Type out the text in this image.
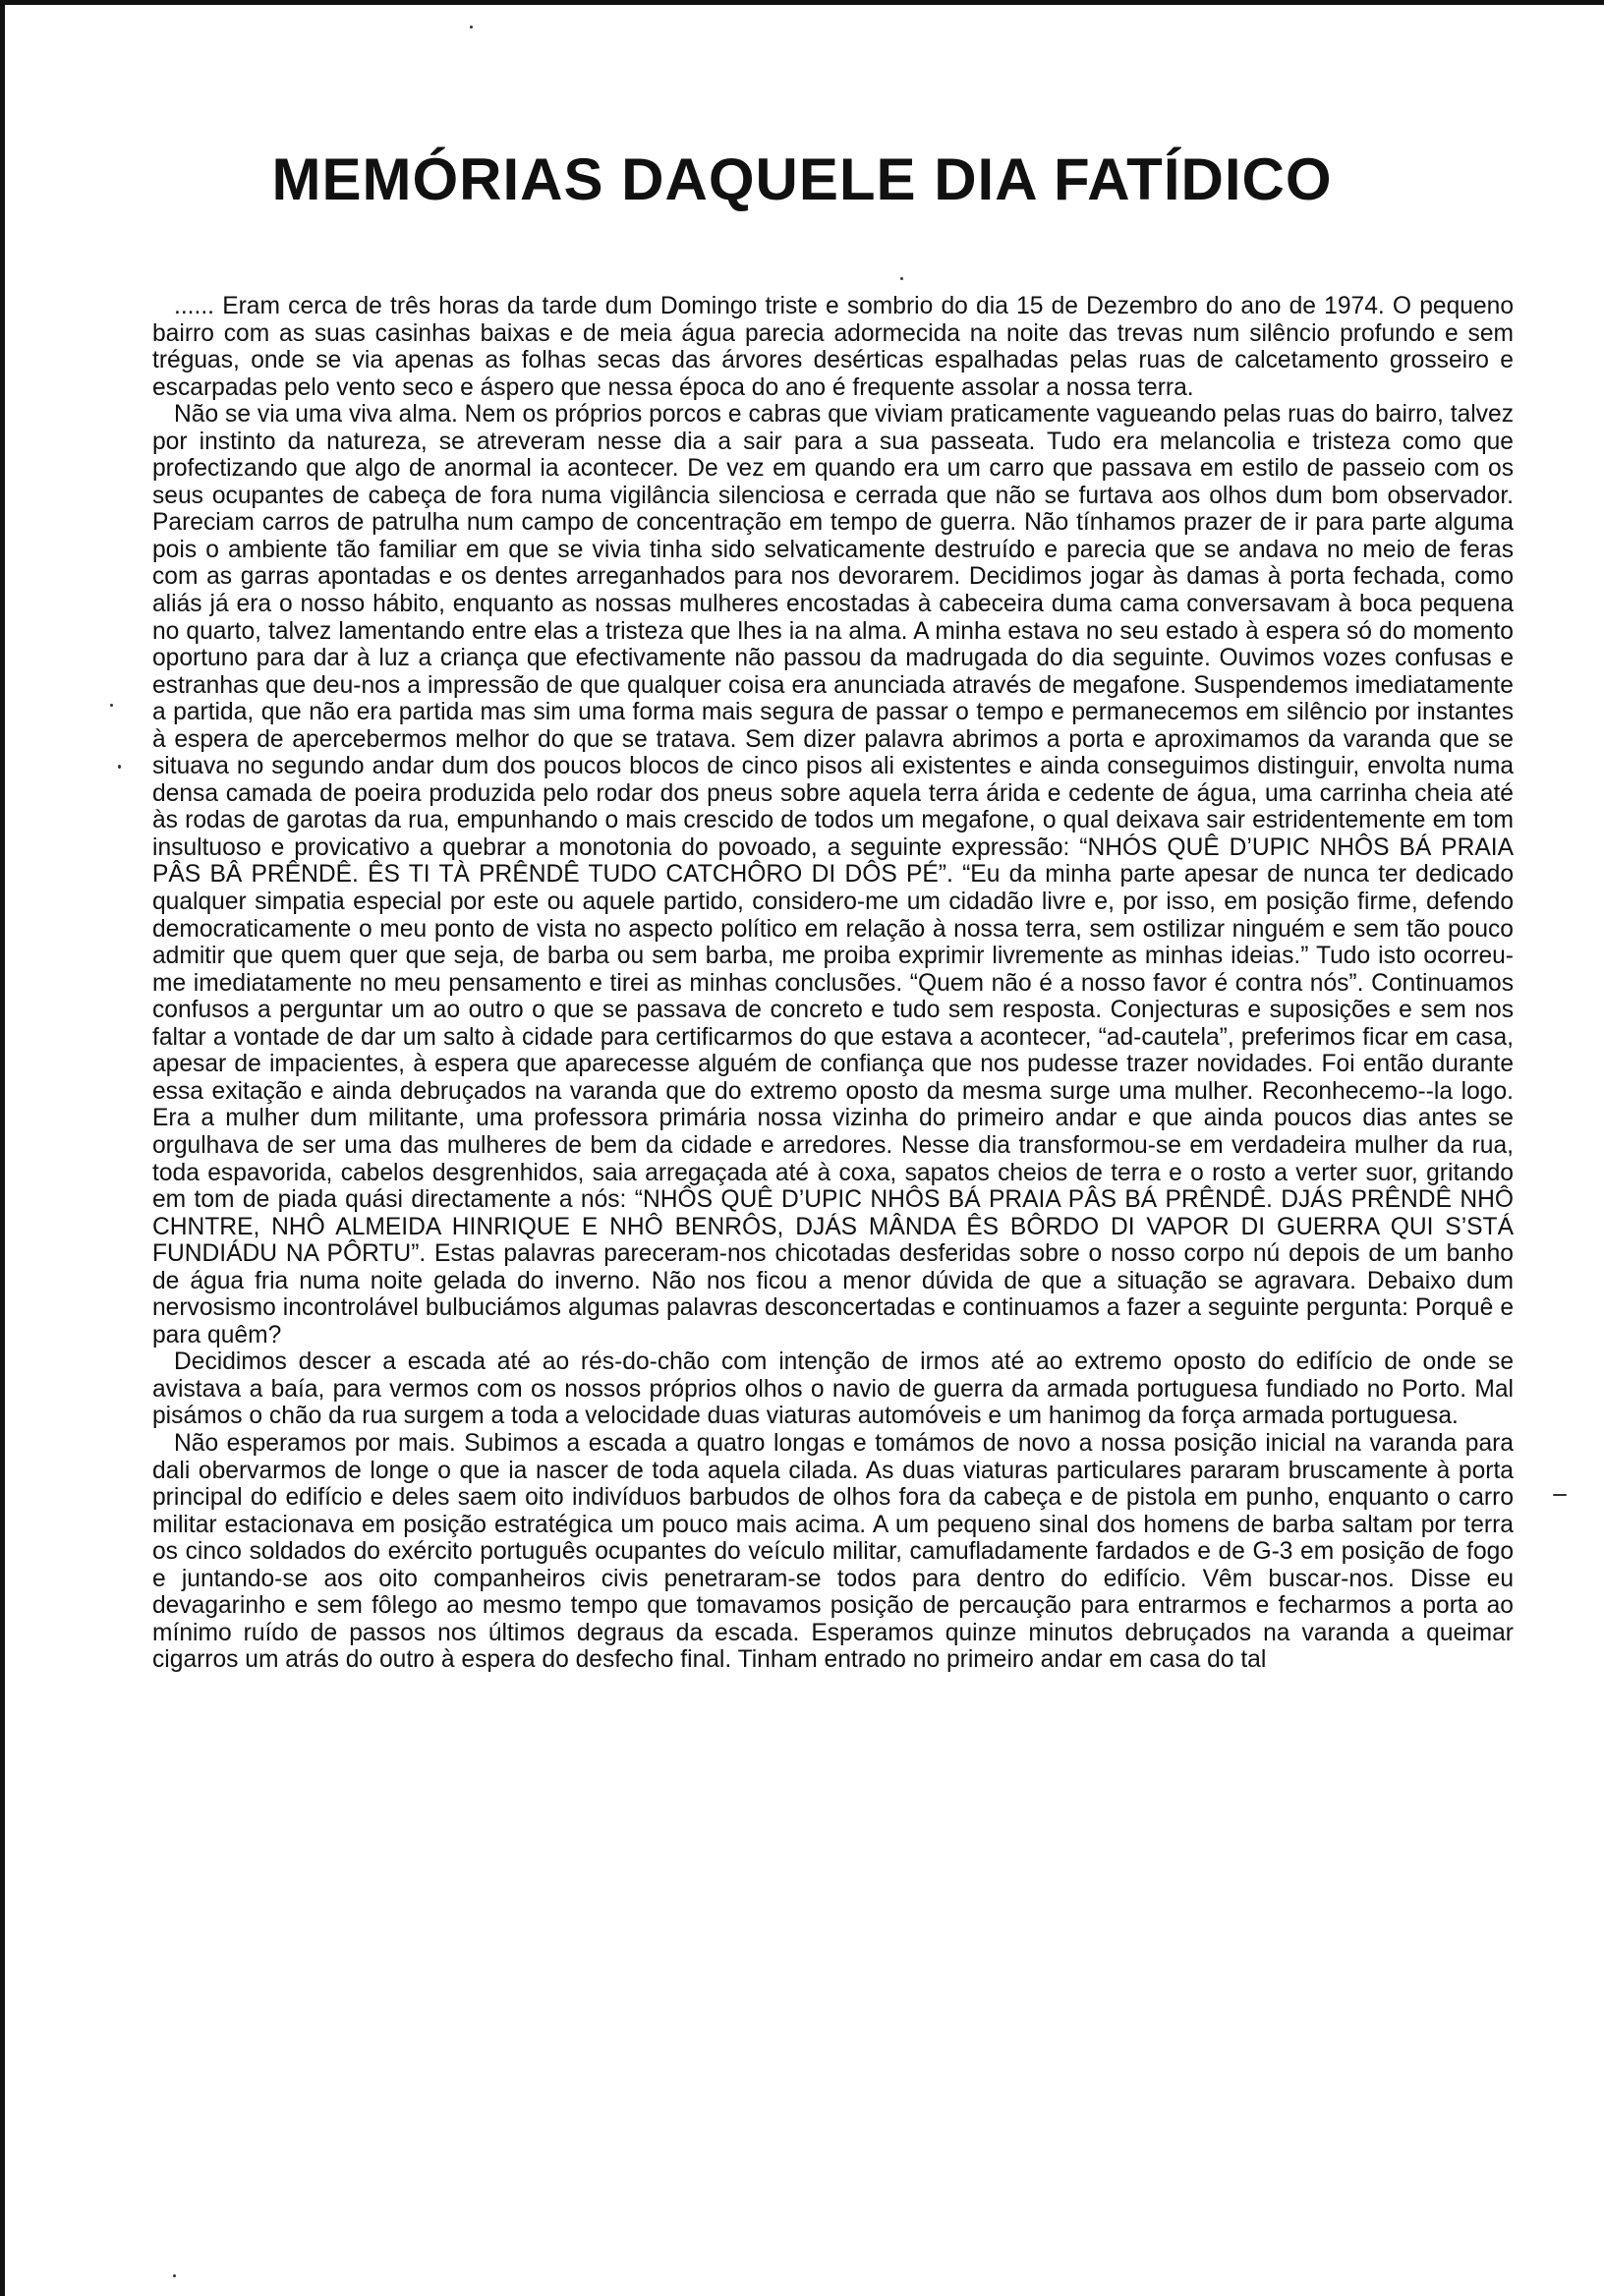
MEMÓRIAS DAQUELE DIA FATÍDICO

...... Eram cerca de três horas da tarde dum Domingo triste e sombrio do dia 15 de Dezembro do ano de 1974. O pequeno bairro com as suas casinhas baixas e de meia água parecia adormecida na noite das trevas num silêncio profundo e sem tréguas, onde se via apenas as folhas secas das árvores desérticas espalhadas pelas ruas de calcetamento grosseiro e escarpadas pelo vento seco e áspero que nessa época do ano é frequente assolar a nossa terra.

Não se via uma viva alma. Nem os próprios porcos e cabras que viviam praticamente vagueando pelas ruas do bairro, talvez por instinto da natureza, se atreveram nesse dia a sair para a sua passeata. Tudo era melancolia e tristeza como que profectizando que algo de anormal ia acontecer. De vez em quando era um carro que passava em estilo de passeio com os seus ocupantes de cabeça de fora numa vigilância silenciosa e cerrada que não se furtava aos olhos dum bom observador. Pareciam carros de patrulha num campo de concentração em tempo de guerra. Não tínhamos prazer de ir para parte alguma pois o ambiente tão familiar em que se vivia tinha sido selvaticamente destruído e parecia que se andava no meio de feras com as garras apontadas e os dentes arreganhados para nos devorarem. Decidimos jogar às damas à porta fechada, como aliás já era o nosso hábito, enquanto as nossas mulheres encostadas à cabeceira duma cama conversavam à boca pequena no quarto, talvez lamentando entre elas a tristeza que lhes ia na alma. A minha estava no seu estado à espera só do momento oportuno para dar à luz a criança que efectivamente não passou da madrugada do dia seguinte. Ouvimos vozes confusas e estranhas que deu-nos a impressão de que qualquer coisa era anunciada através de megafone. Suspendemos imediatamente a partida, que não era partida mas sim uma forma mais segura de passar o tempo e permanecemos em silêncio por instantes à espera de apercebermos melhor do que se tratava. Sem dizer palavra abrimos a porta e aproximamos da varanda que se situava no segundo andar dum dos poucos blocos de cinco pisos ali existentes e ainda conseguimos distinguir, envolta numa densa camada de poeira produzida pelo rodar dos pneus sobre aquela terra árida e cedente de água, uma carrinha cheia até às rodas de garotas da rua, empunhando o mais crescido de todos um megafone, o qual deixava sair estridentemente em tom insultuoso e provicativo a quebrar a monotonia do povoado, a seguinte expressão: “NHÓS QUÊ D’UPIC NHÔS BÁ PRAIA PÂS BÂ PRÊNDÊ. ÊS TI TÀ PRÊNDÊ TUDO CATCHÔRO DI DÔS PÉ”. “Eu da minha parte apesar de nunca ter dedicado qualquer simpatia especial por este ou aquele partido, considero-me um cidadão livre e, por isso, em posição firme, defendo democraticamente o meu ponto de vista no aspecto político em relação à nossa terra, sem ostilizar ninguém e sem tão pouco admitir que quem quer que seja, de barba ou sem barba, me proiba exprimir livremente as minhas ideias.” Tudo isto ocorreu-me imediatamente no meu pensamento e tirei as minhas conclusões. “Quem não é a nosso favor é contra nós”. Continuamos confusos a perguntar um ao outro o que se passava de concreto e tudo sem resposta. Conjecturas e suposições e sem nos faltar a vontade de dar um salto à cidade para certificarmos do que estava a acontecer, “ad-cautela”, preferimos ficar em casa, apesar de impacientes, à espera que aparecesse alguém de confiança que nos pudesse trazer novidades. Foi então durante essa exitação e ainda debruçados na varanda que do extremo oposto da mesma surge uma mulher. Reconhecemo--la logo. Era a mulher dum militante, uma professora primária nossa vizinha do primeiro andar e que ainda poucos dias antes se orgulhava de ser uma das mulheres de bem da cidade e arredores. Nesse dia transformou-se em verdadeira mulher da rua, toda espavorida, cabelos desgrenhidos, saia arregaçada até à coxa, sapatos cheios de terra e o rosto a verter suor, gritando em tom de piada quási directamente a nós: “NHÔS QUÊ D’UPIC NHÔS BÁ PRAIA PÂS BÁ PRÊNDÊ. DJÁS PRÊNDÊ NHÔ CHNTRE, NHÔ ALMEIDA HINRIQUE E NHÔ BENRÔS, DJÁS MÂNDA ÊS BÔRDO DI VAPOR DI GUERRA QUI S’STÁ FUNDIÁDU NA PÔRTU”. Estas palavras pareceram-nos chicotadas desferidas sobre o nosso corpo nú depois de um banho de água fria numa noite gelada do inverno. Não nos ficou a menor dúvida de que a situação se agravara. Debaixo dum nervosismo incontrolável bulbuciámos algumas palavras desconcertadas e continuamos a fazer a seguinte pergunta: Porquê e para quêm?

Decidimos descer a escada até ao rés-do-chão com intenção de irmos até ao extremo oposto do edifício de onde se avistava a baía, para vermos com os nossos próprios olhos o navio de guerra da armada portuguesa fundiado no Porto. Mal pisámos o chão da rua surgem a toda a velocidade duas viaturas automóveis e um hanimog da força armada portuguesa.

Não esperamos por mais. Subimos a escada a quatro longas e tomámos de novo a nossa posição inicial na varanda para dali obervarmos de longe o que ia nascer de toda aquela cilada. As duas viaturas particulares pararam bruscamente à porta principal do edifício e deles saem oito indivíduos barbudos de olhos fora da cabeça e de pistola em punho, enquanto o carro militar estacionava em posição estratégica um pouco mais acima. A um pequeno sinal dos homens de barba saltam por terra os cinco soldados do exército português ocupantes do veículo militar, camufladamente fardados e de G-3 em posição de fogo e juntando-se aos oito companheiros civis penetraram-se todos para dentro do edifício. Vêm buscar-nos. Disse eu devagarinho e sem fôlego ao mesmo tempo que tomavamos posição de percaução para entrarmos e fecharmos a porta ao mínimo ruído de passos nos últimos degraus da escada. Esperamos quinze minutos debruçados na varanda a queimar cigarros um atrás do outro à espera do desfecho final. Tinham entrado no primeiro andar em casa do tal
